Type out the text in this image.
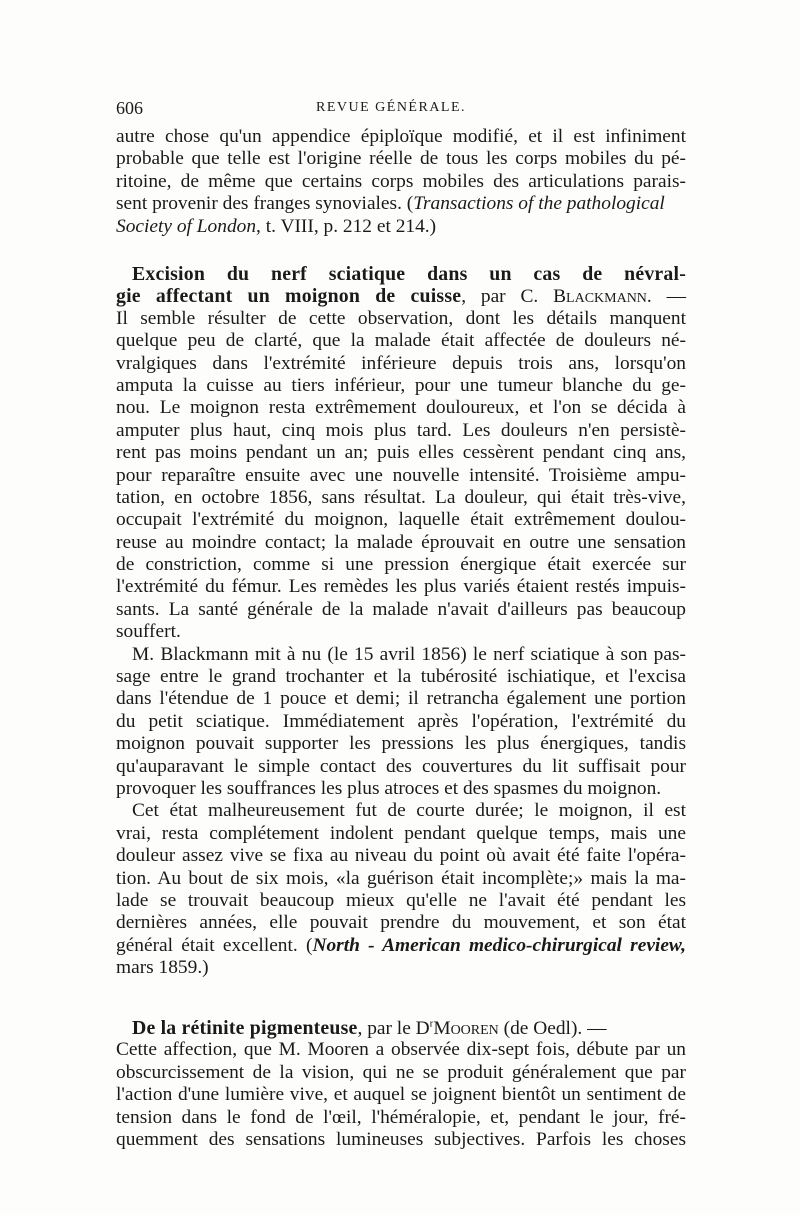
606	REVUE GÉNÉRALE.
autre chose qu'un appendice épiploïque modifié, et il est infiniment
probable que telle est l'origine réelle de tous les corps mobiles du pé-
ritoine, de même que certains corps mobiles des articulations parais-
sent provenir des franges synoviales. (Transactions of the pathological
Society of London, t. VIII, p. 212 et 214.)
Excision du nerf sciatique dans un cas de névral-
gie affectant un moignon de cuisse, par C. Blackmann. —
Il semble résulter de cette observation, dont les détails manquent
quelque peu de clarté, que la malade était affectée de douleurs né-
vralgiques dans l'extrémité inférieure depuis trois ans, lorsqu'on
amputa la cuisse au tiers inférieur, pour une tumeur blanche du ge-
nou. Le moignon resta extrêmement douloureux, et l'on se décida à
amputer plus haut, cinq mois plus tard. Les douleurs n'en persistè-
rent pas moins pendant un an; puis elles cessèrent pendant cinq ans,
pour reparaître ensuite avec une nouvelle intensité. Troisième ampu-
tation, en octobre 1856, sans résultat. La douleur, qui était très-vive,
occupait l'extrémité du moignon, laquelle était extrêmement doulou-
reuse au moindre contact; la malade éprouvait en outre une sensation
de constriction, comme si une pression énergique était exercée sur
l'extrémité du fémur. Les remèdes les plus variés étaient restés impuis-
sants. La santé générale de la malade n'avait d'ailleurs pas beaucoup
souffert.
M. Blackmann mit à nu (le 15 avril 1856) le nerf sciatique à son pas-
sage entre le grand trochanter et la tubérosité ischiatique, et l'excisa
dans l'étendue de 1 pouce et demi; il retrancha également une portion
du petit sciatique. Immédiatement après l'opération, l'extrémité du
moignon pouvait supporter les pressions les plus énergiques, tandis
qu'auparavant le simple contact des couvertures du lit suffisait pour
provoquer les souffrances les plus atroces et des spasmes du moignon.
Cet état malheureusement fut de courte durée; le moignon, il est
vrai, resta complétement indolent pendant quelque temps, mais une
douleur assez vive se fixa au niveau du point où avait été faite l'opéra-
tion. Au bout de six mois, «la guérison était incomplète;» mais la ma-
lade se trouvait beaucoup mieux qu'elle ne l'avait été pendant les
dernières années, elle pouvait prendre du mouvement, et son état
général était excellent. (North - American medico-chirurgical review,
mars 1859.)
De la rétinite pigmenteuse, par le $D^rMooren$ (de Oedl). —
Cette affection, que M. Mooren a observée dix-sept fois, débute par un
obscurcissement de la vision, qui ne se produit généralement que par
l'action d'une lumière vive, et auquel se joignent bientôt un sentiment de
tension dans le fond de l'œil, l'héméralopie, et, pendant le jour, fré-
quemment des sensations lumineuses subjectives. Parfois les choses
